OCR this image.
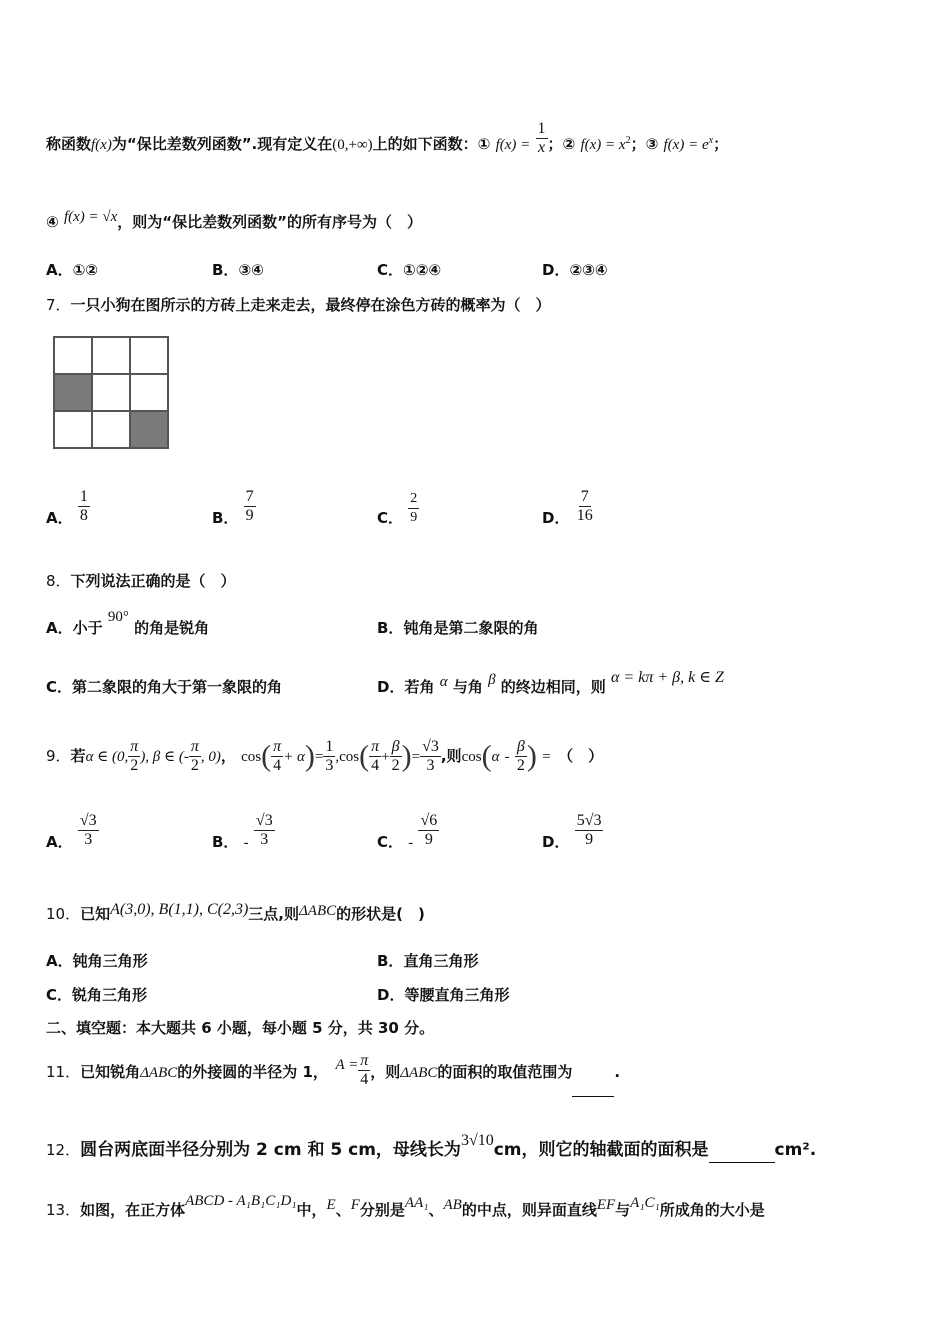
称函数f(x)为“保比差数列函数”.现有定义在(0,+∞)上的如下函数：① $f(x) = \frac{1}{x}$ ；② $f(x) = x^2$；③ $f(x) = e^x$；
④ f(x) = √x，则为“保比差数列函数”的所有序号为（　）
A．①②	B．③④	C．①②④	D．②③④
7．一只小狗在图所示的方砖上走来走去，最终停在涂色方砖的概率为（　）

A． $\frac{1}{8}$	B． $\frac{7}{9}$	C． $\frac{2}{9}$	D． $\frac{7}{16}$
8．下列说法正确的是（　）
A．小于 90° 的角是锐角	B．钝角是第二象限的角
C．第二象限的角大于第一象限的角	D．若角 α 与角 β 的终边相同，则 α = kπ + β, k ∈ Z
9．若α ∈ (0, $\frac{\pi}{2}$ ), β ∈ (- $\frac{\pi}{2}$ , 0)， $\cos( \frac{\pi}{4} + \alpha)= \frac{1}{3} ,\cos( \frac{\pi}{4} + \frac{\beta}{2}$ )= $\frac{√3}{3}$ ,则$\cos(\alpha - \frac{\beta}{2}$ ) =　 （　）
A． $\frac{√3}{3}$	B． - $\frac{√3}{3}$	C． - $\frac{√6}{9}$	D． $\frac{5√3}{9}$
10．已知A(3,0), B(1,1), C(2,3)三点,则ΔABC的形状是(　)
A．钝角三角形	B．直角三角形
C．锐角三角形	D．等腰直角三角形
二、填空题：本大题共 6 小题，每小题 5 分，共 30 分。
11．已知锐角ΔABC的外接圆的半径为 1，　 $A = \frac{\pi}{4}$ ，则ΔABC的面积的取值范围为	.
12．圆台两底面半径分别为 2 cm 和 5 cm，母线长为3√10cm，则它的轴截面的面积是	cm².
13．如图，在正方体ABCD - A₁B₁C₁D₁中，E、F分别是AA₁、AB的中点，则异面直线EF与A₁C₁所成角的大小是
